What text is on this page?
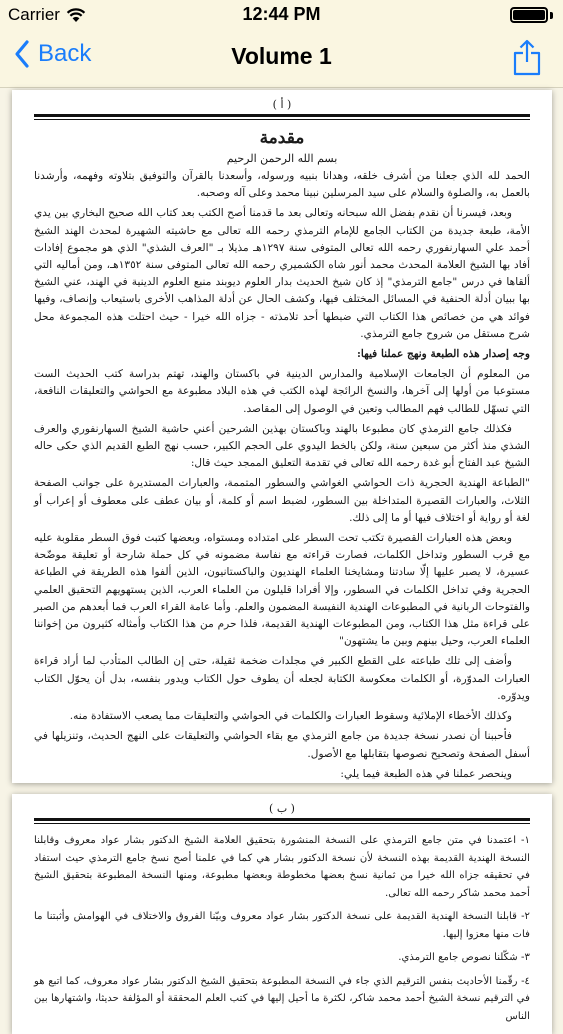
Carrier	12:44 PM
Back	Volume 1
( أ )
مقدمة
بسم الله الرحمن الرحيم

الحمد لله الذي جعلنا من أشرف خلقه، وهدانا بنبيه ورسوله، وأسعدنا بالقرآن والتوفيق بتلاوته وفهمه، وأرشدنا بالعمل به، والصلوة والسلام على سيد المرسلين نبينا محمد وعلى آله وصحبه.

وبعد، فيسرنا أن نقدم بفضل الله سبحانه وتعالى بعد ما قدمنا أصح الكتب بعد كتاب الله صحيح البخاري بين يدي الأمة، طبعة جديدة من الكتاب الجامع للإمام الترمذي رحمه الله تعالى مع حاشيته الشهيرة لمحدث الهند الشيخ أحمد علي السهارنفوري رحمه الله تعالى المتوفى سنة ١٢٩٧هـ مذيلا بـ "العرف الشذي" الذي هو مجموع إفادات أفاد بها الشيخ العلامة المحدث محمد أنور شاه الكشميري رحمه الله تعالى المتوفى سنة ١٣٥٢هـ، ومن أماليه التي ألقاها في درس "جامع الترمذي" إذ كان شيخ الحديث بدار العلوم ديوبند منبع العلوم الدينية في الهند، عني الشيخ بها ببيان أدلة الحنفية في المسائل المختلف فيها، وكشف الحال عن أدلة المذاهب الأخرى باستيعاب وإنصاف، وفيها فوائد هي من خصائص هذا الكتاب التي ضبطها أحد تلامذته - جزاه الله خيرا - حيث احتلت هذه المجموعة محل شرح مستقل من شروح جامع الترمذي.

وجه إصدار هذه الطبعة ونهج عملنا فيها:

من المعلوم أن الجامعات الإسلامية والمدارس الدينية في باكستان والهند، تهتم بدراسة كتب الحديث الست مستوعبا من أولها إلى آخرها، والنسخ الرائجة لهذه الكتب في هذه البلاد مطبوعة مع الحواشي والتعليقات النافعة، التي تسهّل للطالب فهم المطالب وتعين في الوصول إلى المقاصد.

فكذلك جامع الترمذي كان مطبوعا بالهند وباكستان بهذين الشرحين أعني حاشية الشيخ السهارنفوري والعرف الشذي منذ أكثر من سبعين سنة، ولكن بالخط اليدوي على الحجم الكبير، حسب نهج الطبع القديم الذي حكى حاله الشيخ عبد الفتاح أبو غدة رحمه الله تعالى في تقدمة التعليق الممجد حيث قال:

"الطباعة الهندية الحجرية ذات الحواشي الغواشي والسطور المتممة، والعبارات المستديرة على جوانب الصفحة الثلاث، والعبارات القصيرة المتداخلة بين السطور، لضبط اسم أو كلمة، أو بيان عطف على معطوف أو إعراب أو لغة أو رواية أو اختلاف فيها أو ما إلى ذلك.

وبعض هذه العبارات القصيرة تكتب تحت السطر على امتداده ومستواه، وبعضها كتبت فوق السطر مقلوبة عليه مع قرب السطور وتداخل الكلمات، فصارت قراءته مع نفاسة مضمونه في كل حملة شارحة أو تعليقة موضّحة عسيرة، لا يصبر عليها إلّا سادتنا ومشايخنا العلماء الهنديون والباكستانيون، الذين ألفوا هذه الطريقة في الطباعة الحجرية وفي تداخل الكلمات في السطور، وإلا أفرادا قليلون من العلماء العرب، الذين يستهويهم التحقيق العلمي والفتوحات الربانية في المطبوعات الهندية النفيسة المضمون والعلم. وأما عامة القراء العرب فما أبعدهم من الصبر على قراءة مثل هذا الكتاب، ومن المطبوعات الهندية القديمة، فلذا حرم من هذا الكتاب وأمثاله كثيرون من إخواننا العلماء العرب، وحيل بينهم وبين ما يشتهون"

وأضف إلى تلك طباعته على القطع الكبير في مجلدات ضخمة ثقيلة، حتى إن الطالب المتأدب لما أراد قراءة العبارات المدوّرة، أو الكلمات معكوسة الكتابة لجعله أن يطوف حول الكتاب ويدور بنفسه، بدل أن يحوّل الكتاب ويدوّره.

وكذلك الأخطاء الإملائية وسقوط العبارات والكلمات في الحواشي والتعليقات مما يصعب الاستفادة منه.

فأحببنا أن نصدر نسخة جديدة من جامع الترمذي مع بقاء الحواشي والتعليقات على النهج الحديث، وتنزيلها في أسفل الصفحة وتصحيح نصوصها بتقابلها مع الأصول.

وينحصر عملنا في هذه الطبعة فيما يلي:

( ب )

١- اعتمدنا في متن جامع الترمذي على النسخة المنشورة بتحقيق العلامة الشيخ الدكتور بشار عواد معروف وقابلنا النسخة الهندية القديمة بهذه النسخة لأن نسخة الدكتور بشار هي كما في علمنا أصح نسخ جامع الترمذي حيث استفاد في تحقيقه جزاه الله خيرا من ثمانية نسخ بعضها مخطوطة وبعضها مطبوعة، ومنها النسخة المطبوعة بتحقيق الشيخ أحمد محمد شاكر رحمه الله تعالى.

٢- قابلنا النسخة الهندية القديمة على نسخة الدكتور بشار عواد معروف وبيّنا الفروق والاختلاف في الهوامش وأثبتنا ما فات منها معزوا إليها.

٣- شكّلنا نصوص جامع الترمذي.

٤- رقّمنا الأحاديث بنفس الترقيم الذي جاء في النسخة المطبوعة بتحقيق الشيخ الدكتور بشار عواد معروف، كما اتبع هو في الترقيم نسخة الشيخ أحمد محمد شاكر، لكثرة ما أحيل إليها في كتب العلم المحققة أو المؤلفة حديثا، واشتهارها بين الناس
